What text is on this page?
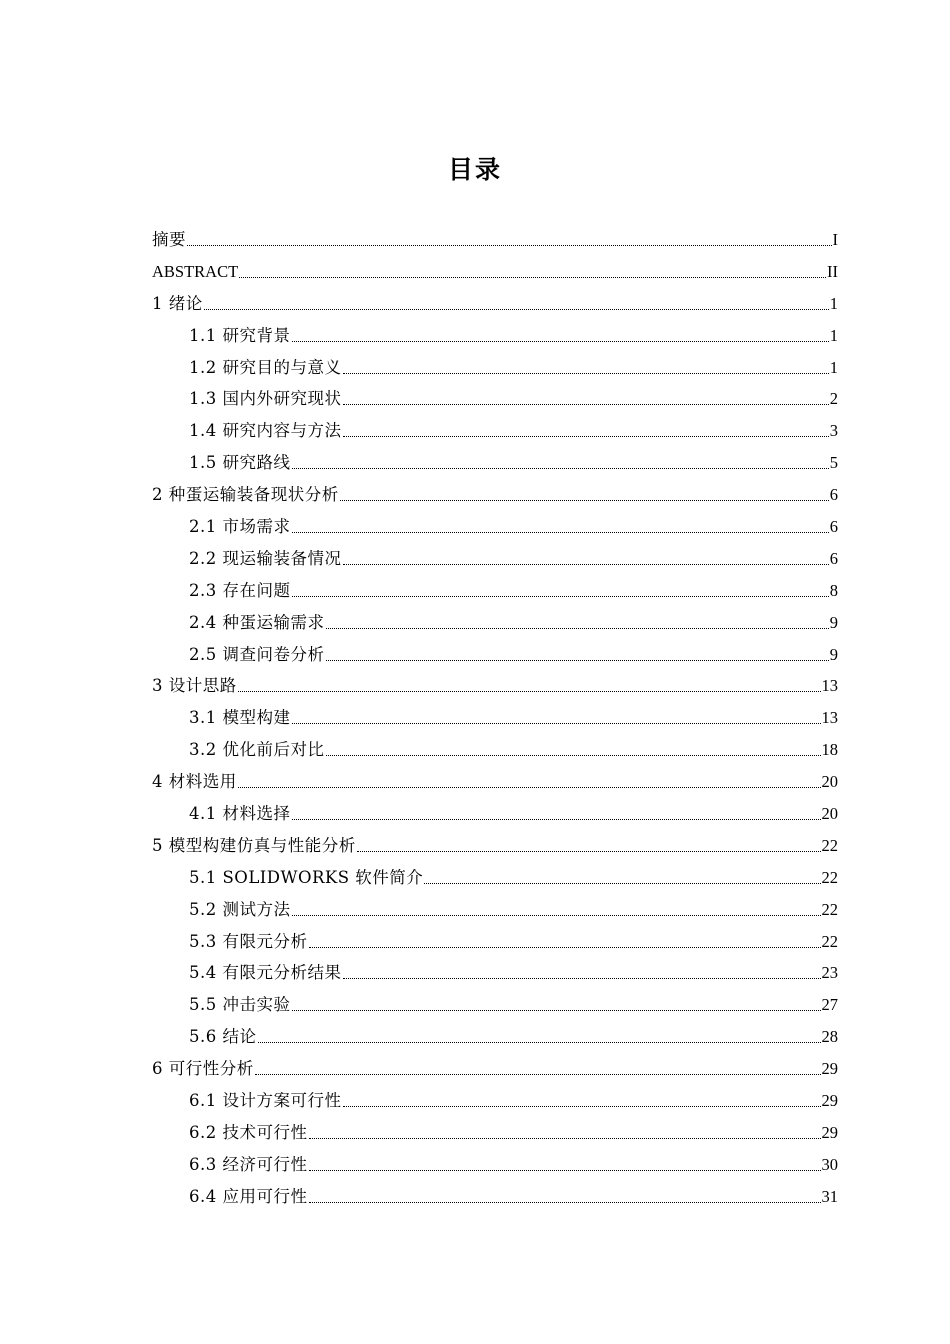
目录
摘要	I
ABSTRACT	II
1 绪论	1
1.1 研究背景	1
1.2 研究目的与意义	1
1.3 国内外研究现状	2
1.4 研究内容与方法	3
1.5 研究路线	5
2 种蛋运输装备现状分析	6
2.1 市场需求	6
2.2 现运输装备情况	6
2.3 存在问题	8
2.4 种蛋运输需求	9
2.5 调查问卷分析	9
3 设计思路	13
3.1 模型构建	13
3.2 优化前后对比	18
4 材料选用	20
4.1 材料选择	20
5 模型构建仿真与性能分析	22
5.1 SOLIDWORKS 软件简介	22
5.2 测试方法	22
5.3 有限元分析	22
5.4 有限元分析结果	23
5.5 冲击实验	27
5.6 结论	28
6 可行性分析	29
6.1 设计方案可行性	29
6.2 技术可行性	29
6.3 经济可行性	30
6.4 应用可行性	31
